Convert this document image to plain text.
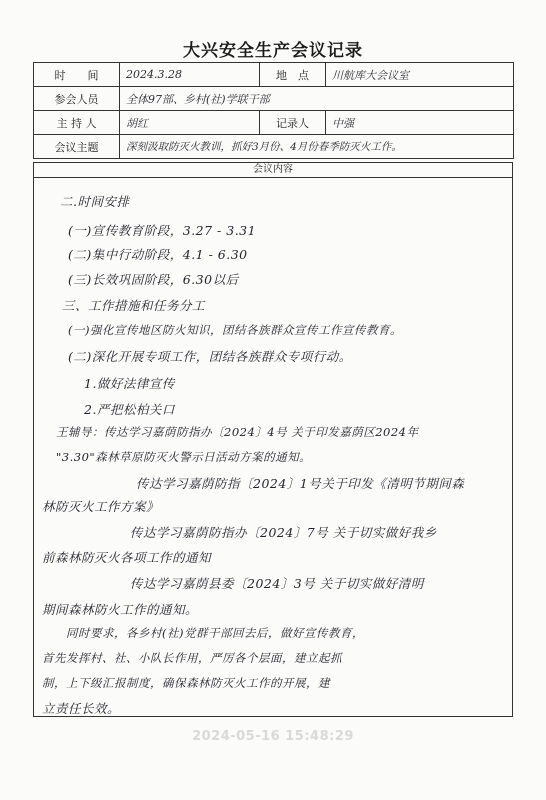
大兴安全生产会议记录
时　　间	2024.3.28	地　点	川航库大会议室
参会人员	全体97部、乡村(社)学联干部		
主 持 人	胡红	记录人	中强
会议主题	深刻汲取防灭火教训，抓好3月份、4月份春季防灭火工作。		
会议内容
二.时间安排
(一)宣传教育阶段，3.27 - 3.31
(二)集中行动阶段，4.1 - 6.30
(三)长效巩固阶段，6.30以后
三、工作措施和任务分工
(一)强化宣传地区防火知识，团结各族群众宣传工作宣传教育。
(二)深化开展专项工作，团结各族群众专项行动。
1.做好法律宣传
2.严把松柏关口
王辅导：传达学习嘉荫防指办〔2024〕4号 关于印发嘉荫区2024年
"3.30"森林草原防灭火警示日活动方案的通知。
传达学习嘉荫防指〔2024〕1号关于印发《清明节期间森
林防灭火工作方案》
传达学习嘉荫防指办〔2024〕7号 关于切实做好我乡
前森林防灭火各项工作的通知
传达学习嘉荫县委〔2024〕3号 关于切实做好清明
期间森林防火工作的通知。
　　同时要求，各乡村(社)党群干部回去后，做好宣传教育，
首先发挥村、社、小队长作用，严厉各个层面，建立起抓
制，上下级汇报制度，确保森林防灭火工作的开展，建
立责任长效。
2024-05-16 15:48:29
